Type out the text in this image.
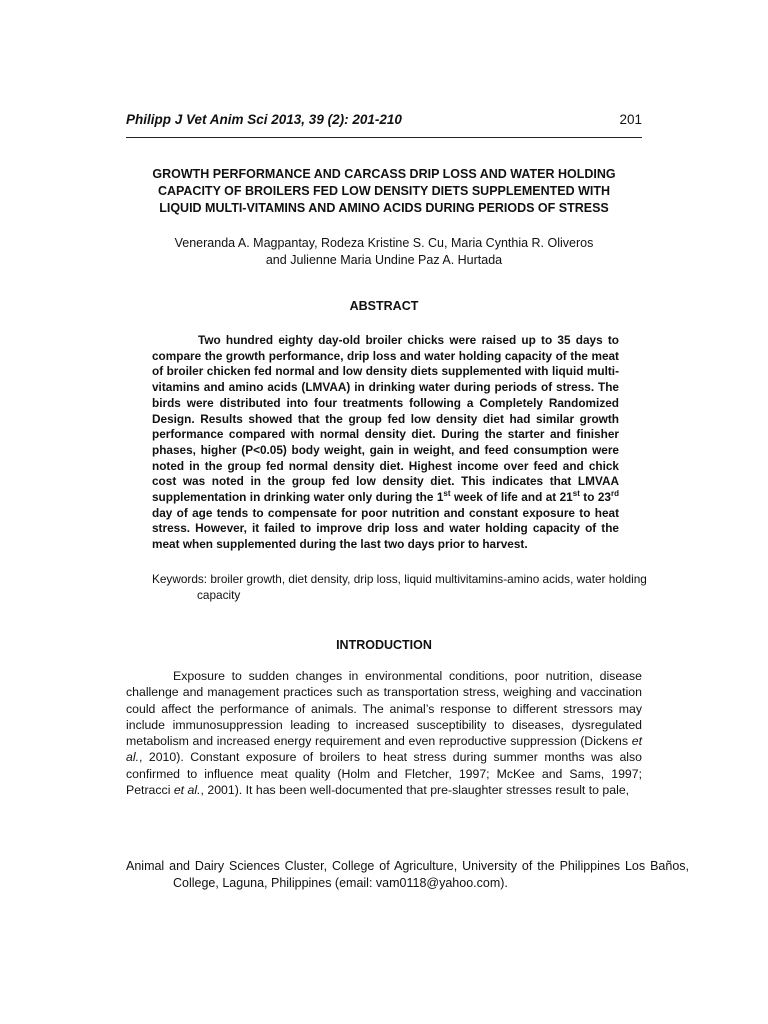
Philipp J Vet Anim Sci 2013, 39 (2): 201-210	201
GROWTH PERFORMANCE AND CARCASS DRIP LOSS AND WATER HOLDING
CAPACITY OF BROILERS FED LOW DENSITY DIETS SUPPLEMENTED WITH
LIQUID MULTI-VITAMINS AND AMINO ACIDS DURING PERIODS OF STRESS
Veneranda A. Magpantay, Rodeza Kristine S. Cu, Maria Cynthia R. Oliveros
and Julienne Maria Undine Paz A. Hurtada
ABSTRACT

Two hundred eighty day-old broiler chicks were raised up to 35 days to compare the growth performance, drip loss and water holding capacity of the meat of broiler chicken fed normal and low density diets supplemented with liquid multi-vitamins and amino acids (LMVAA) in drinking water during periods of stress. The birds were distributed into four treatments following a Completely Randomized Design. Results showed that the group fed low density diet had similar growth performance compared with normal density diet. During the starter and finisher phases, higher (P<0.05) body weight, gain in weight, and feed consumption were noted in the group fed normal density diet. Highest income over feed and chick cost was noted in the group fed low density diet. This indicates that LMVAA supplementation in drinking water only during the 1st week of life and at 21st to 23rd day of age tends to compensate for poor nutrition and constant exposure to heat stress. However, it failed to improve drip loss and water holding capacity of the meat when supplemented during the last two days prior to harvest.

Keywords: broiler growth, diet density, drip loss, liquid multivitamins-amino acids, water holding capacity

INTRODUCTION

Exposure to sudden changes in environmental conditions, poor nutrition, disease challenge and management practices such as transportation stress, weighing and vaccination could affect the performance of animals. The animal’s response to different stressors may include immunosuppression leading to increased susceptibility to diseases, dysregulated metabolism and increased energy requirement and even reproductive suppression (Dickens et al., 2010). Constant exposure of broilers to heat stress during summer months was also confirmed to influence meat quality (Holm and Fletcher, 1997; McKee and Sams, 1997; Petracci et al., 2001). It has been well-documented that pre-slaughter stresses result to pale,

Animal and Dairy Sciences Cluster, College of Agriculture, University of the Philippines Los Baños, College, Laguna, Philippines (email: vam0118@yahoo.com).
